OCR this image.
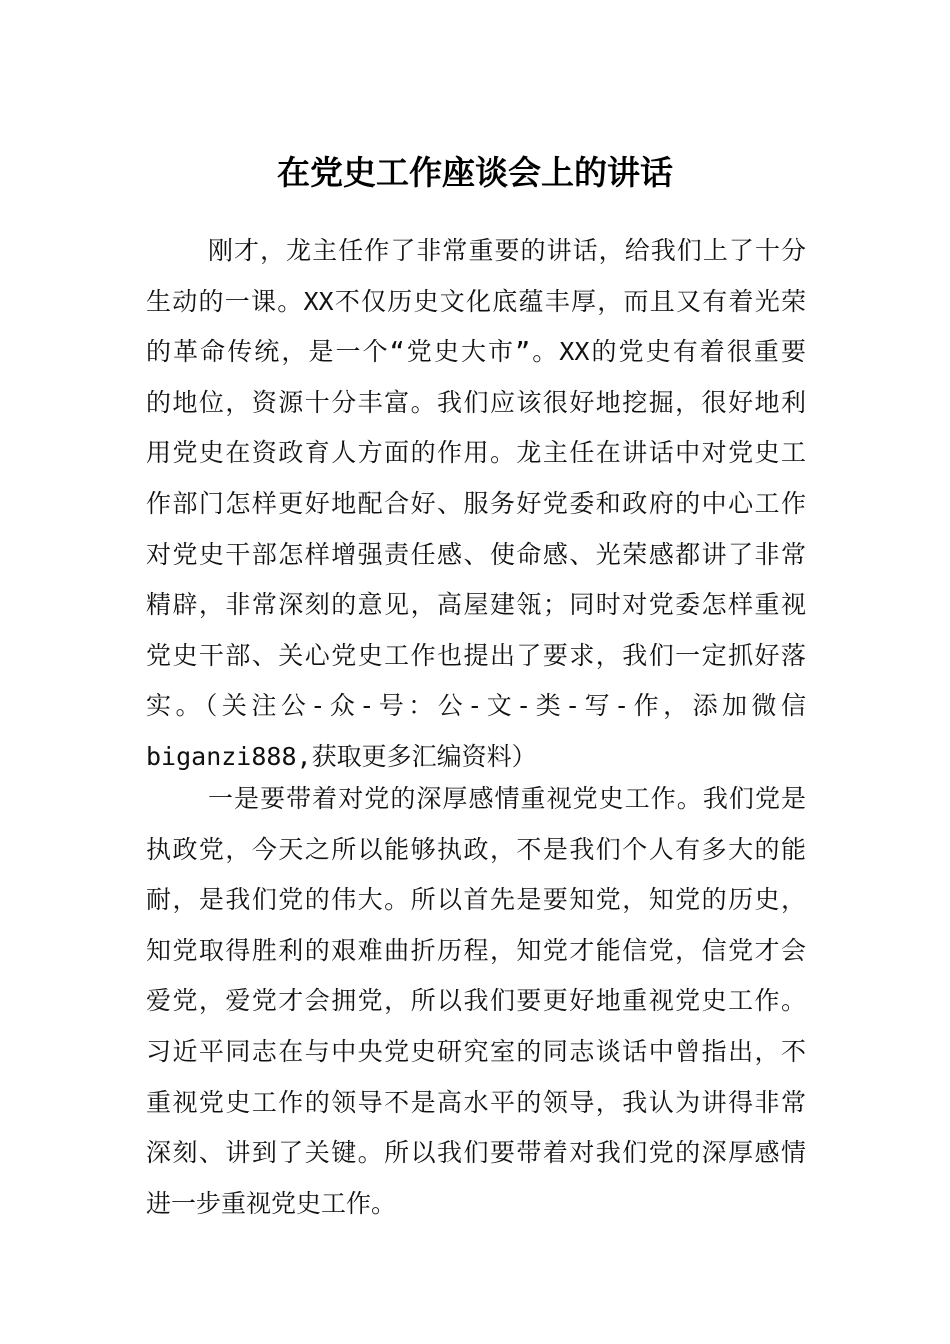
在党史工作座谈会上的讲话
刚才，龙主任作了非常重要的讲话，给我们上了十分
生动的一课。XX不仅历史文化底蕴丰厚，而且又有着光荣
的革命传统，是一个“党史大市”。XX的党史有着很重要
的地位，资源十分丰富。我们应该很好地挖掘，很好地利
用党史在资政育人方面的作用。龙主任在讲话中对党史工
作部门怎样更好地配合好、服务好党委和政府的中心工作
对党史干部怎样增强责任感、使命感、光荣感都讲了非常
精辟，非常深刻的意见，高屋建瓴；同时对党委怎样重视
党史干部、关心党史工作也提出了要求，我们一定抓好落
实。（关注公-众-号：公-文-类-写-作，添加微信
biganzi888,获取更多汇编资料）
一是要带着对党的深厚感情重视党史工作。我们党是
执政党，今天之所以能够执政，不是我们个人有多大的能
耐，是我们党的伟大。所以首先是要知党，知党的历史，
知党取得胜利的艰难曲折历程，知党才能信党，信党才会
爱党，爱党才会拥党，所以我们要更好地重视党史工作。
习近平同志在与中央党史研究室的同志谈话中曾指出，不
重视党史工作的领导不是高水平的领导，我认为讲得非常
深刻、讲到了关键。所以我们要带着对我们党的深厚感情
进一步重视党史工作。
